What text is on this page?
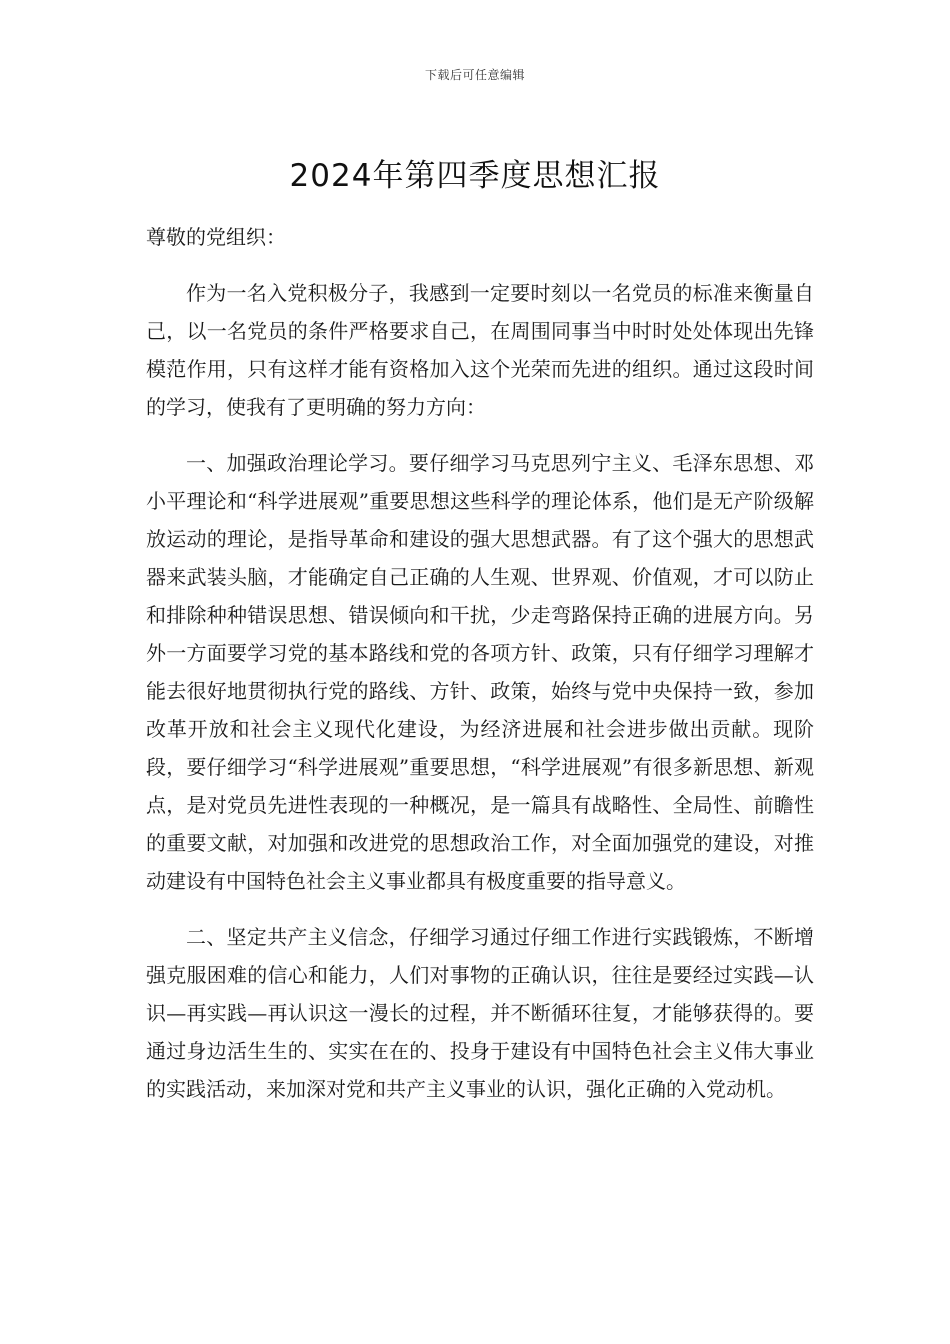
下载后可任意编辑
2024年第四季度思想汇报

尊敬的党组织：

作为一名入党积极分子，我感到一定要时刻以一名党员的标准来衡量自己，以一名党员的条件严格要求自己，在周围同事当中时时处处体现出先锋模范作用，只有这样才能有资格加入这个光荣而先进的组织。通过这段时间的学习，使我有了更明确的努力方向：

一、加强政治理论学习。要仔细学习马克思列宁主义、毛泽东思想、邓小平理论和“科学进展观”重要思想这些科学的理论体系，他们是无产阶级解放运动的理论，是指导革命和建设的强大思想武器。有了这个强大的思想武器来武装头脑，才能确定自己正确的人生观、世界观、价值观，才可以防止和排除种种错误思想、错误倾向和干扰，少走弯路保持正确的进展方向。另外一方面要学习党的基本路线和党的各项方针、政策，只有仔细学习理解才能去很好地贯彻执行党的路线、方针、政策，始终与党中央保持一致，参加改革开放和社会主义现代化建设，为经济进展和社会进步做出贡献。现阶段，要仔细学习“科学进展观”重要思想，“科学进展观”有很多新思想、新观点，是对党员先进性表现的一种概况，是一篇具有战略性、全局性、前瞻性的重要文献，对加强和改进党的思想政治工作，对全面加强党的建设，对推动建设有中国特色社会主义事业都具有极度重要的指导意义。

二、坚定共产主义信念，仔细学习通过仔细工作进行实践锻炼，不断增强克服困难的信心和能力，人们对事物的正确认识，往往是要经过实践—认识—再实践—再认识这一漫长的过程，并不断循环往复，才能够获得的。要通过身边活生生的、实实在在的、投身于建设有中国特色社会主义伟大事业的实践活动，来加深对党和共产主义事业的认识，强化正确的入党动机。
